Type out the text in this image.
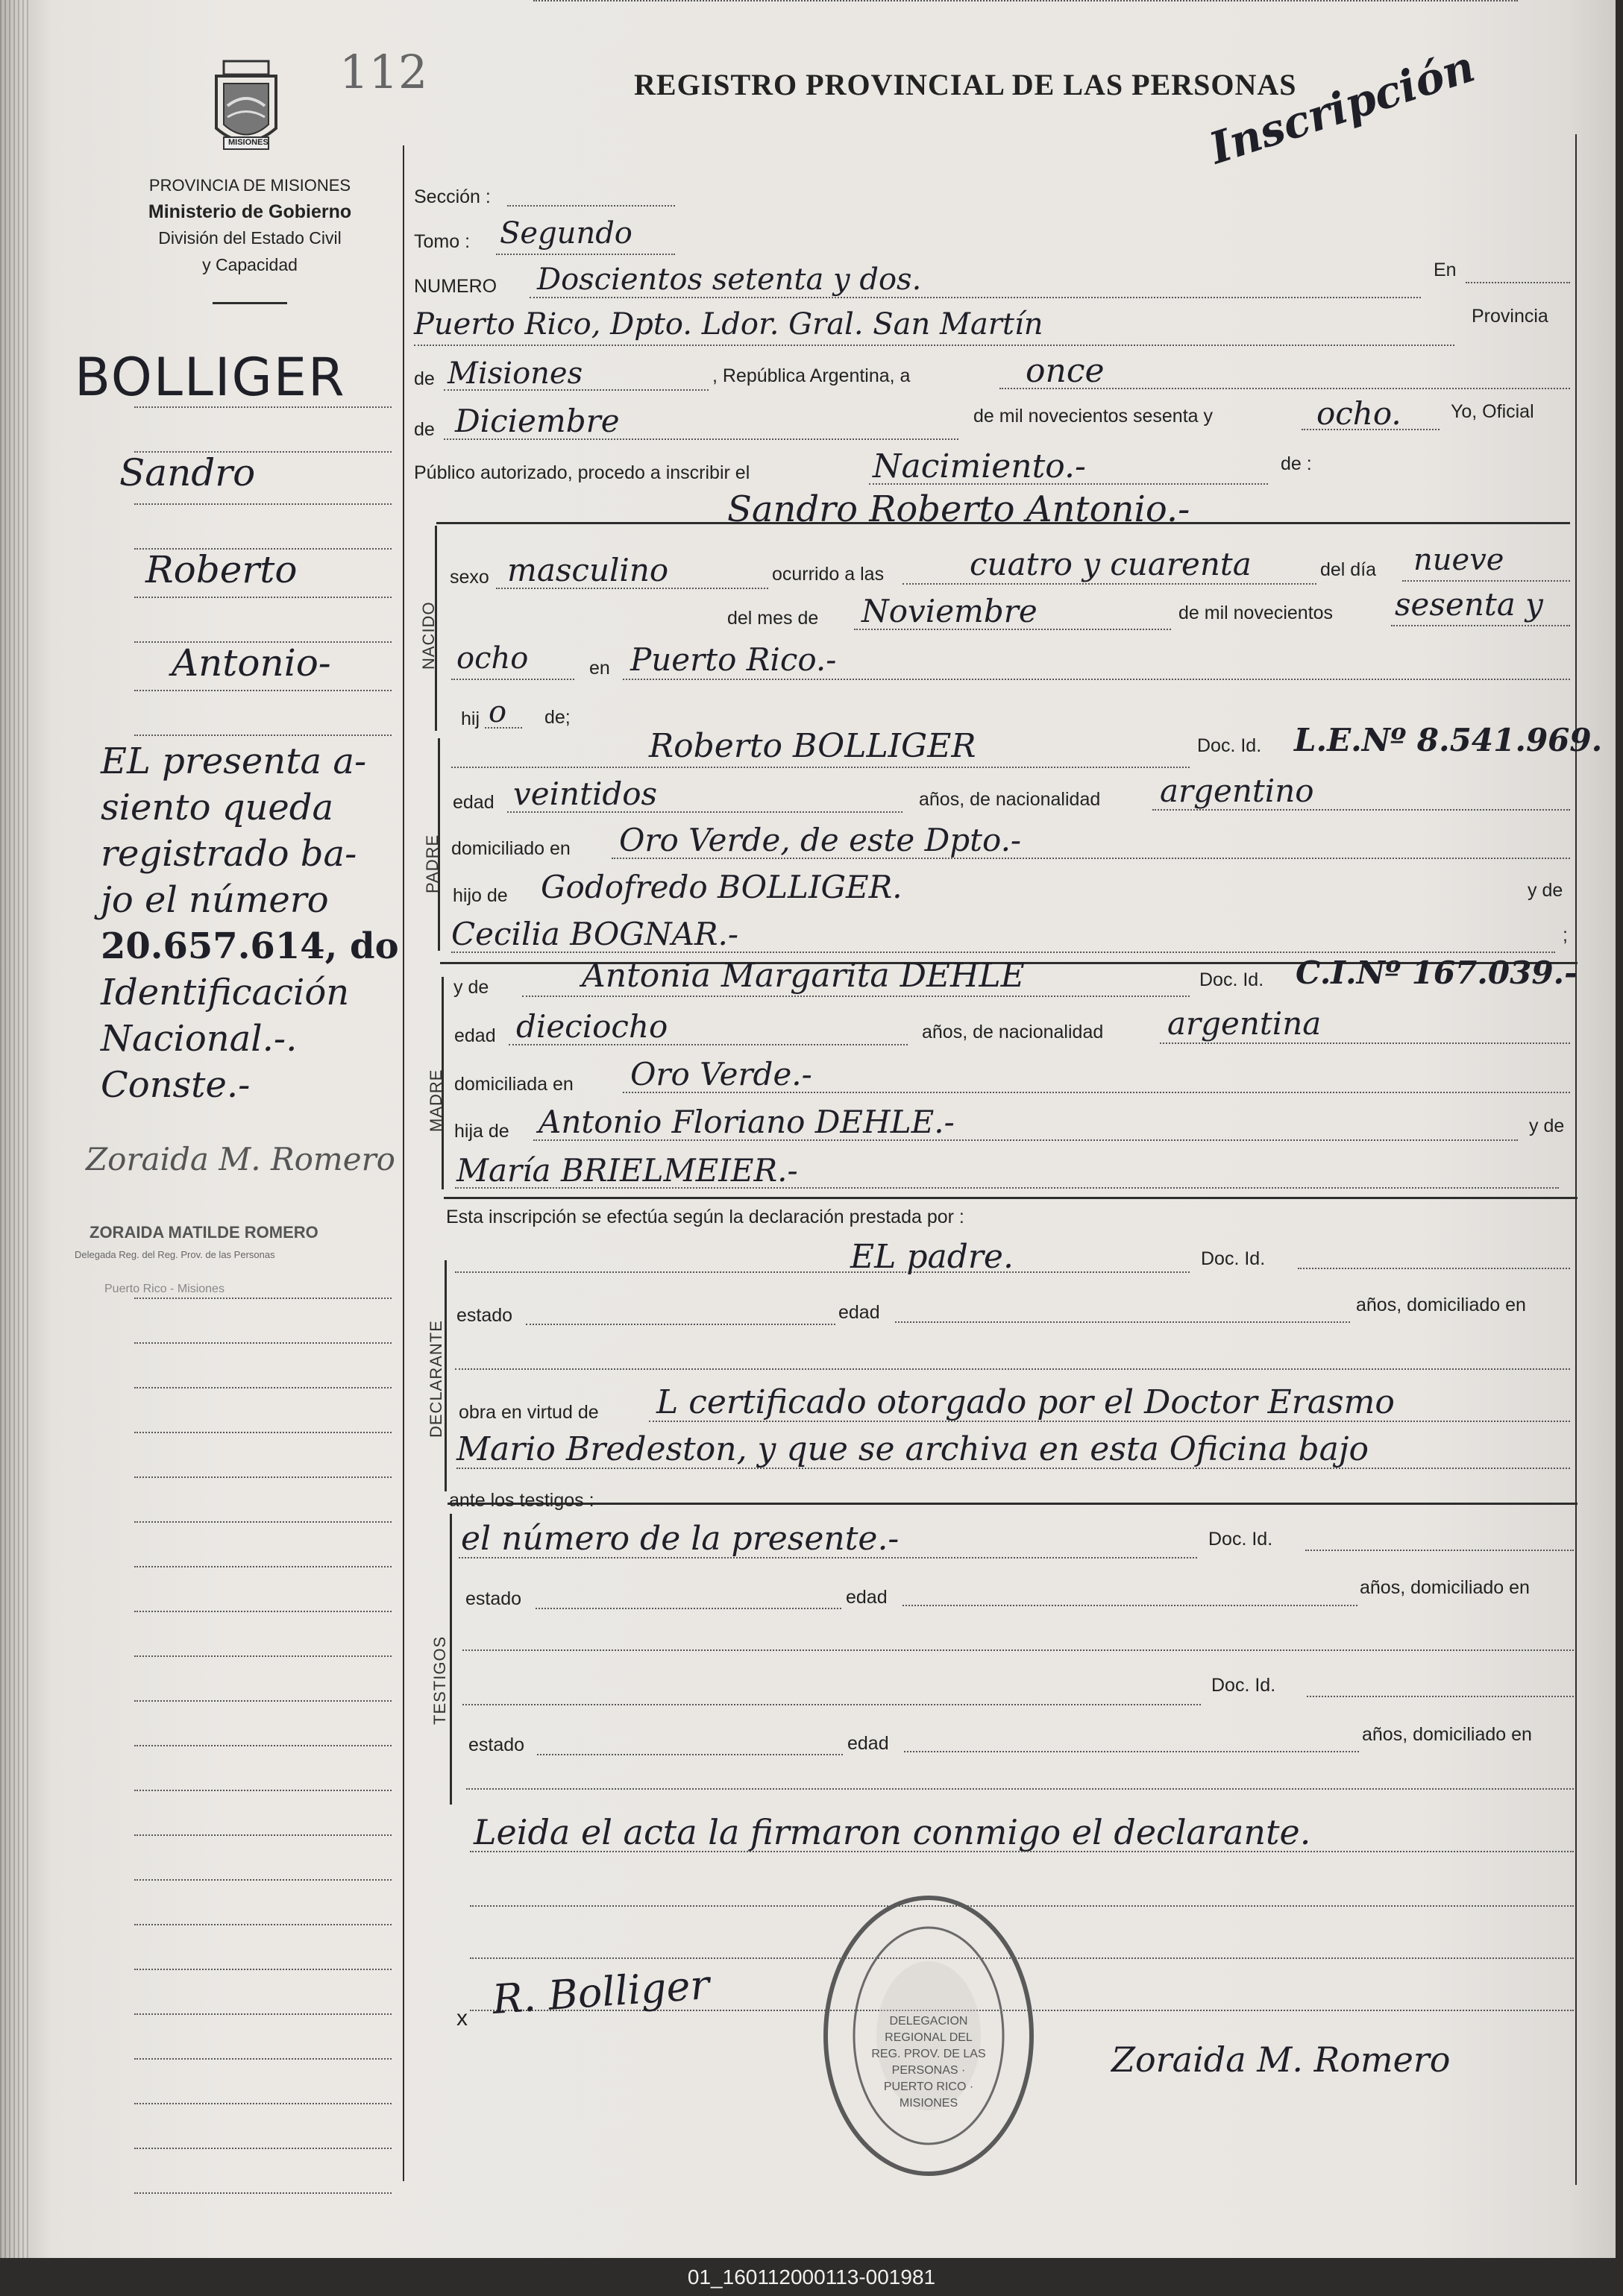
112	REGISTRO PROVINCIAL DE LAS PERSONAS
Inscripción
MISIONES
PROVINCIA DE MISIONES
Ministerio de Gobierno
División del Estado Civil
y Capacidad
BOLLIGER
Sandro
Roberto
Antonio-
EL presenta a-
siento queda
registrado ba-
jo el número
20.657.614, do
Identificación
Nacional.-.
Conste.-
Zoraida M. Romero
ZORAIDA MATILDE ROMERO
Delegada Reg. del Reg. Prov. de las Personas
Puerto Rico - Misiones
NACIDO
PADRE
MADRE
DECLARANTE
TESTIGOS
Sección :
Tomo : Segundo
NUMERO Doscientos setenta y dos.	En
Puerto Rico, Dpto. Ldor. Gral. San Martín	Provincia
de Misiones	, República Argentina, a	once
de Diciembre	de mil novecientos sesenta y	ocho.	Yo, Oficial
Público autorizado, procedo a inscribir el	Nacimiento.-	de :
Sandro Roberto Antonio.-
sexo masculino	ocurrido a las	cuatro y cuarenta	del día nueve
del mes de Noviembre	de mil novecientos sesenta y
ocho	en Puerto Rico.-
hij o de;
Roberto BOLLIGER	Doc. Id. L.E.Nº 8.541.969.
edad veintidos	años, de nacionalidad argentino
domiciliado en Oro Verde, de este Dpto.-
hijo de Godofredo BOLLIGER.	y de
Cecilia BOGNAR.-	;
y de	Antonia Margarita DEHLE	Doc. Id. C.I.Nº 167.039.-
edad dieciocho	años, de nacionalidad argentina
domiciliada en Oro Verde.-
hija de Antonio Floriano DEHLE.-	y de
María BRIELMEIER.-
Esta inscripción se efectúa según la declaración prestada por :
EL padre.	Doc. Id.
estado	edad	años, domiciliado en
obra en virtud de L certificado otorgado por el Doctor Erasmo
Mario Bredeston, y que se archiva en esta Oficina bajo
ante los testigos :
el número de la presente.-	Doc. Id.
estado	edad	años, domiciliado en
Doc. Id.
estado	edad	años, domiciliado en
Leida el acta la firmaron conmigo el declarante.
x R. Bolliger
Zoraida M. Romero
DELEGACION REGIONAL DEL REG. PROV. DE LAS PERSONAS · PUERTO RICO · MISIONES
01_160112000113-001981
